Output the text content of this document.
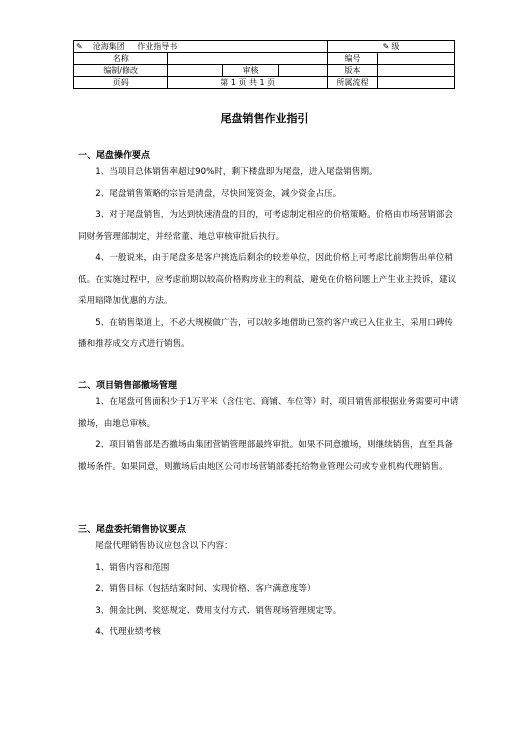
✎ 沧海集团 作业指导书				✎ 级	
名称				编号	
编制/修改		审核		版本	
页码	第 1 页 共 1 页			所属流程	
尾盘销售作业指引
一、尾盘操作要点

1、当项目总体销售率超过90%时，剩下楼盘即为尾盘，进入尾盘销售期。

2、尾盘销售策略的宗旨是清盘，尽快回笼资金，减少资金占压。

3、对于尾盘销售，为达到快速清盘的目的，可考虑制定相应的价格策略。价格由市场营销部会同财务管理部制定，并经常董、地总审核审批后执行。

4、一般说来，由于尾盘多是客户挑选后剩余的较差单位，因此价格上可考虑比前期售出单位稍低。在实施过程中，应考虑前期以较高价格购房业主的利益，避免在价格问题上产生业主投诉，建议采用暗降加优惠的方法。

5、在销售渠道上，不必大规模做广告，可以较多地借助已签约客户或已入住业主，采用口碑传播和推荐成交方式进行销售。

二、项目销售部撤场管理

1、在尾盘可售面积少于1万平米（含住宅、商铺、车位等）时，项目销售部根据业务需要可申请撤场，由地总审核。

2、项目销售部是否撤场由集团营销管理部最终审批。如果不同意撤场，则继续销售，直至具备撤场条件。如果同意，则撤场后由地区公司市场营销部委托给物业管理公司或专业机构代理销售。

三、尾盘委托销售协议要点

尾盘代理销售协议应包含以下内容：

1、销售内容和范围

2、销售目标（包括结案时间、实现价格、客户满意度等）

3、佣金比例、奖惩规定、费用支付方式、销售现场管理规定等。

4、代理业绩考核
